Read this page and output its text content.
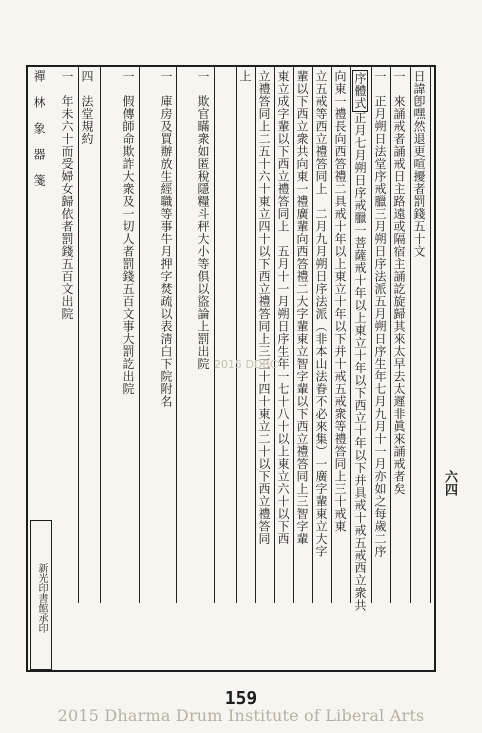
禪 林 象 器 箋	日諱卽嘿然退更喧擾者罰錢五十文
一　來誦戒者誦戒日主路遠或隔宿主誦訖旋歸其來太早去太遲非眞來誦戒者矣
一　正月朔日法堂序戒臘三月朔日序法派五月朔日序生年七月九月十一月亦如之每歲二序
序體式正月七月朔日序戒臘一菩薩戒十年以上東立十年以下西立十年以下并具戒十戒五戒西立衆共
向東一禮長向西答禮二具戒十年以上東立十年以下并十戒五戒衆等禮答同上三十戒東
立五戒等西立禮答同上　二月九月朔日序法派（非本山法眷不必來集）一廣字輩東立大字
輩以下西立衆共向東一禮廣輩向西答禮二大字輩東立智字輩以下西立禮答同上三智字輩
東立成字輩以下西立禮答同上　五月十一月朔日序生年一七十八十以上東立六十以下西
立禮答同上二五十六十東立四十以下西立禮答同上三三十四十東立二十以下西立禮答同
上
一　欺官瞞衆如匿稅隱糧斗秤大小等俱以盜論上罰出院
一　庫房及買辦放生經職等事牛月押字焚疏以表淸白下院附名
一　假傳師命欺詐大衆及一切人者罰錢五百文事大罰訖出院
四　法堂規約
一　年未六十而受婦女歸依者罰錢五百文出院
2015 DDBC
六四
新光印書館承印
159
2015 Dharma Drum Institute of Liberal Arts
